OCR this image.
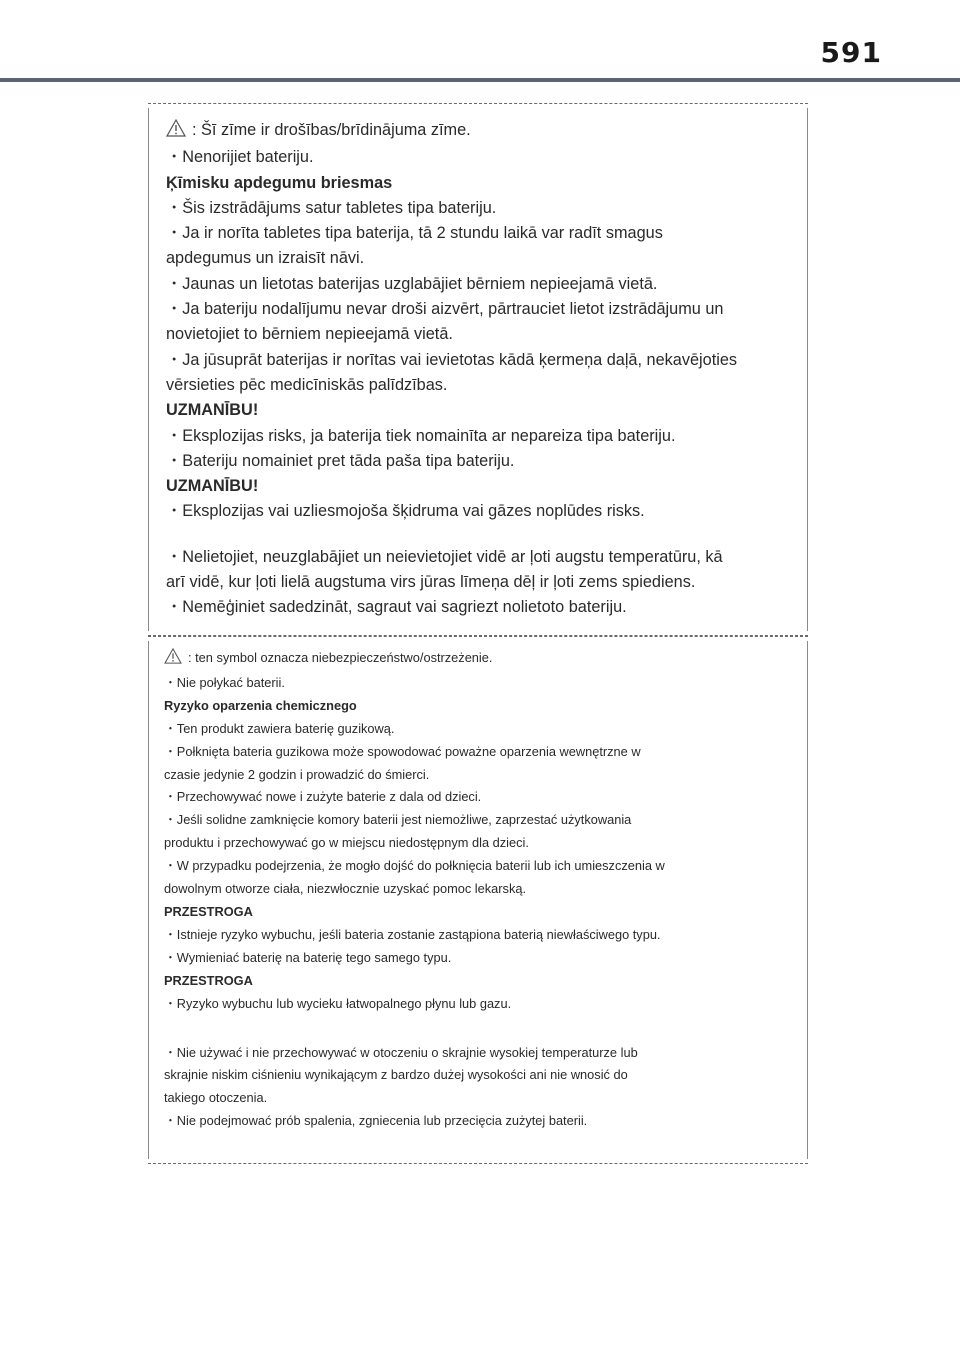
591

: Šī zīme ir drošības/brīdinājuma zīme.

・Nenorijiet bateriju.

Ķīmisku apdegumu briesmas

・Šis izstrādājums satur tabletes tipa bateriju.

・Ja ir norīta tabletes tipa baterija, tā 2 stundu laikā var radīt smagus

apdegumus un izraisīt nāvi.

・Jaunas un lietotas baterijas uzglabājiet bērniem nepieejamā vietā.

・Ja bateriju nodalījumu nevar droši aizvērt, pārtrauciet lietot izstrādājumu un

novietojiet to bērniem nepieejamā vietā.

・Ja jūsuprāt baterijas ir norītas vai ievietotas kādā ķermeņa daļā, nekavējoties

vērsieties pēc medicīniskās palīdzības.

UZMANĪBU!

・Eksplozijas risks, ja baterija tiek nomainīta ar nepareiza tipa bateriju.

・Bateriju nomainiet pret tāda paša tipa bateriju.

UZMANĪBU!

・Eksplozijas vai uzliesmojoša šķidruma vai gāzes noplūdes risks.

・Nelietojiet, neuzglabājiet un neievietojiet vidē ar ļoti augstu temperatūru, kā

arī vidē, kur ļoti lielā augstuma virs jūras līmeņa dēļ ir ļoti zems spiediens.

・Nemēģiniet sadedzināt, sagraut vai sagriezt nolietoto bateriju.

: ten symbol oznacza niebezpieczeństwo/ostrzeżenie.

・Nie połykać baterii.

Ryzyko oparzenia chemicznego

・Ten produkt zawiera baterię guzikową.

・Połknięta bateria guzikowa może spowodować poważne oparzenia wewnętrzne w

czasie jedynie 2 godzin i prowadzić do śmierci.

・Przechowywać nowe i zużyte baterie z dala od dzieci.

・Jeśli solidne zamknięcie komory baterii jest niemożliwe, zaprzestać użytkowania

produktu i przechowywać go w miejscu niedostępnym dla dzieci.

・W przypadku podejrzenia, że mogło dojść do połknięcia baterii lub ich umieszczenia w

dowolnym otworze ciała, niezwłocznie uzyskać pomoc lekarską.

PRZESTROGA

・Istnieje ryzyko wybuchu, jeśli bateria zostanie zastąpiona baterią niewłaściwego typu.

・Wymieniać baterię na baterię tego samego typu.

PRZESTROGA

・Ryzyko wybuchu lub wycieku łatwopalnego płynu lub gazu.

・Nie używać i nie przechowywać w otoczeniu o skrajnie wysokiej temperaturze lub

skrajnie niskim ciśnieniu wynikającym z bardzo dużej wysokości ani nie wnosić do

takiego otoczenia.

・Nie podejmować prób spalenia, zgniecenia lub przecięcia zużytej baterii.
